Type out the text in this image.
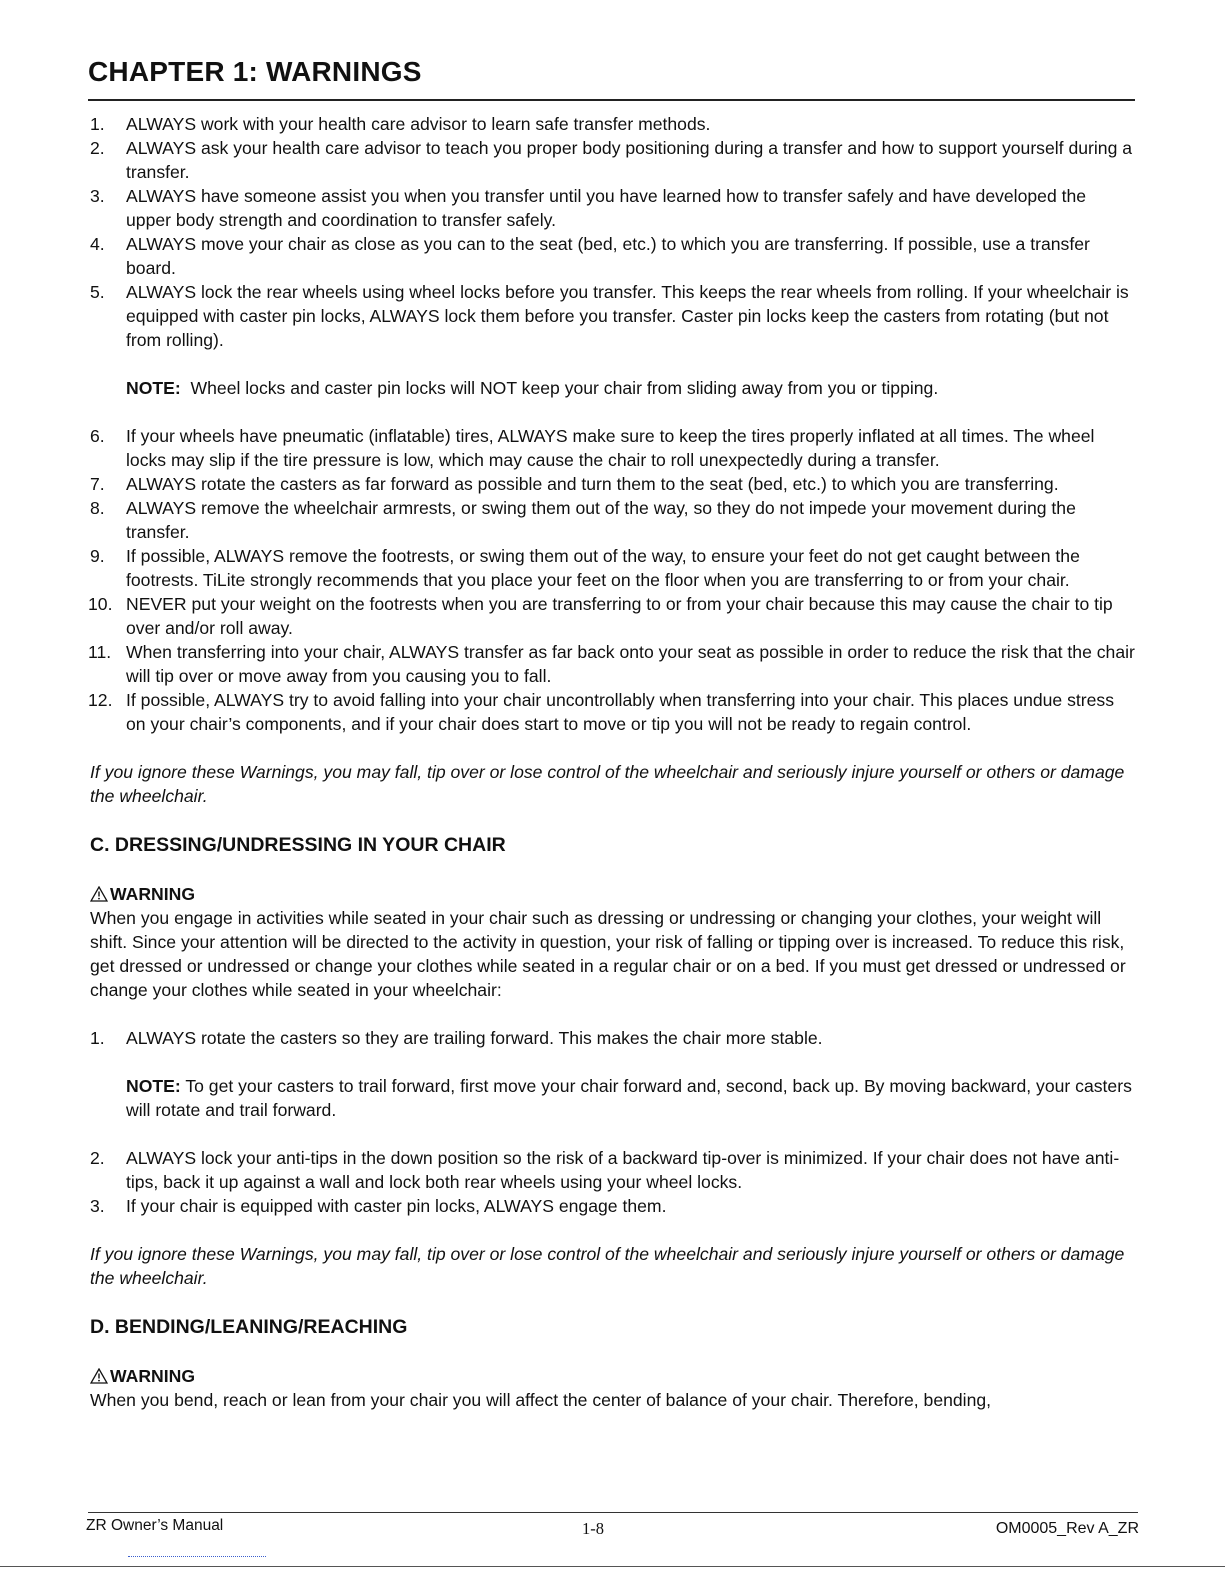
CHAPTER 1: WARNINGS
1. ALWAYS work with your health care advisor to learn safe transfer methods.
2. ALWAYS ask your health care advisor to teach you proper body positioning during a transfer and how to support yourself during a transfer.
3. ALWAYS have someone assist you when you transfer until you have learned how to transfer safely and have developed the upper body strength and coordination to transfer safely.
4. ALWAYS move your chair as close as you can to the seat (bed, etc.) to which you are transferring. If possible, use a transfer board.
5. ALWAYS lock the rear wheels using wheel locks before you transfer. This keeps the rear wheels from rolling. If your wheelchair is equipped with caster pin locks, ALWAYS lock them before you transfer. Caster pin locks keep the casters from rotating (but not from rolling).
NOTE: Wheel locks and caster pin locks will NOT keep your chair from sliding away from you or tipping.
6. If your wheels have pneumatic (inflatable) tires, ALWAYS make sure to keep the tires properly inflated at all times. The wheel locks may slip if the tire pressure is low, which may cause the chair to roll unexpectedly during a transfer.
7. ALWAYS rotate the casters as far forward as possible and turn them to the seat (bed, etc.) to which you are transferring.
8. ALWAYS remove the wheelchair armrests, or swing them out of the way, so they do not impede your movement during the transfer.
9. If possible, ALWAYS remove the footrests, or swing them out of the way, to ensure your feet do not get caught between the footrests. TiLite strongly recommends that you place your feet on the floor when you are transferring to or from your chair.
10. NEVER put your weight on the footrests when you are transferring to or from your chair because this may cause the chair to tip over and/or roll away.
11. When transferring into your chair, ALWAYS transfer as far back onto your seat as possible in order to reduce the risk that the chair will tip over or move away from you causing you to fall.
12. If possible, ALWAYS try to avoid falling into your chair uncontrollably when transferring into your chair. This places undue stress on your chair’s components, and if your chair does start to move or tip you will not be ready to regain control.

If you ignore these Warnings, you may fall, tip over or lose control of the wheelchair and seriously injure yourself or others or damage the wheelchair.

C. DRESSING/UNDRESSING IN YOUR CHAIR
WARNING

When you engage in activities while seated in your chair such as dressing or undressing or changing your clothes, your weight will shift. Since your attention will be directed to the activity in question, your risk of falling or tipping over is increased. To reduce this risk, get dressed or undressed or change your clothes while seated in a regular chair or on a bed. If you must get dressed or undressed or change your clothes while seated in your wheelchair:

1. ALWAYS rotate the casters so they are trailing forward. This makes the chair more stable.
NOTE: To get your casters to trail forward, first move your chair forward and, second, back up. By moving backward, your casters will rotate and trail forward.
2. ALWAYS lock your anti-tips in the down position so the risk of a backward tip-over is minimized. If your chair does not have anti-tips, back it up against a wall and lock both rear wheels using your wheel locks.
3. If your chair is equipped with caster pin locks, ALWAYS engage them.

If you ignore these Warnings, you may fall, tip over or lose control of the wheelchair and seriously injure yourself or others or damage the wheelchair.

D. BENDING/LEANING/REACHING
WARNING

When you bend, reach or lean from your chair you will affect the center of balance of your chair. Therefore, bending,

ZR Owner’s Manual	1-8	OM0005_Rev A_ZR
